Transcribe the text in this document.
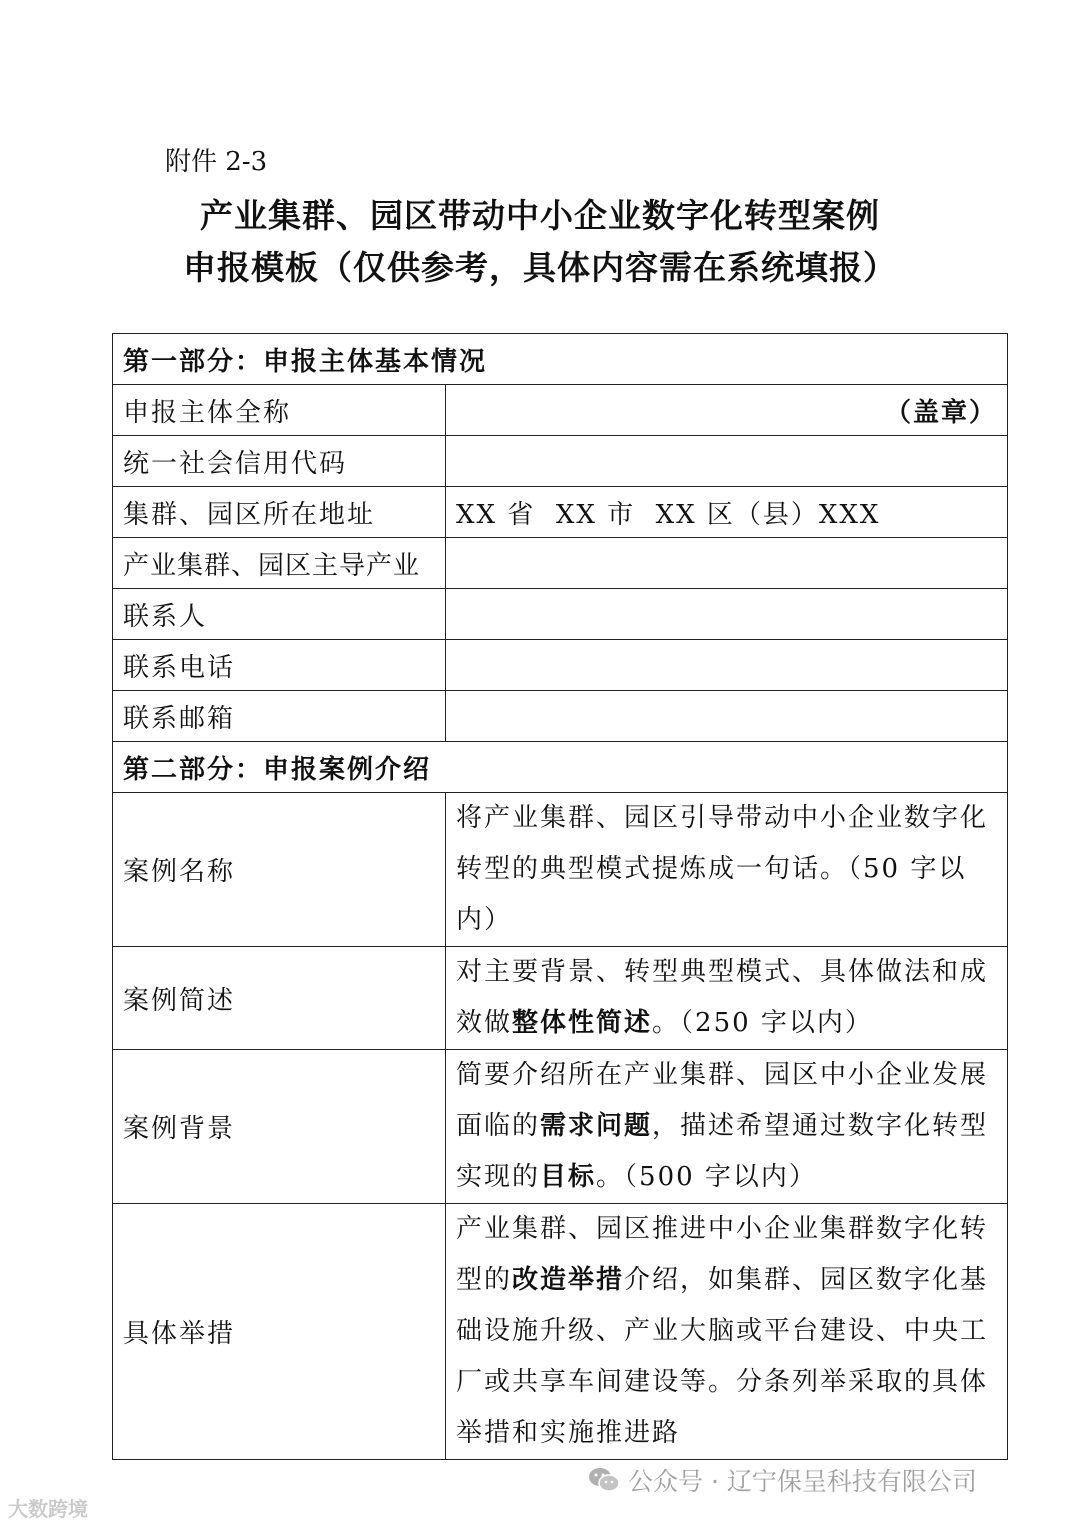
附件 2-3
产业集群、园区带动中小企业数字化转型案例
申报模板（仅供参考，具体内容需在系统填报）
第一部分：申报主体基本情况	
申报主体全称	（盖章）
统一社会信用代码	
集群、园区所在地址	XX 省  XX 市  XX 区（县）XXX
产业集群、园区主导产业	
联系人	
联系电话	
联系邮箱	
第二部分：申报案例介绍	
案例名称	将产业集群、园区引导带动中小企业数字化转型的典型模式提炼成一句话。（50 字以内）
案例简述	对主要背景、转型典型模式、具体做法和成效做整体性简述。（250 字以内）
案例背景	简要介绍所在产业集群、园区中小企业发展面临的需求问题，描述希望通过数字化转型实现的目标。（500 字以内）
具体举措	产业集群、园区推进中小企业集群数字化转型的改造举措介绍，如集群、园区数字化基础设施升级、产业大脑或平台建设、中央工厂或共享车间建设等。分条列举采取的具体举措和实施推进路
大数跨境
公众号 · 辽宁保呈科技有限公司
